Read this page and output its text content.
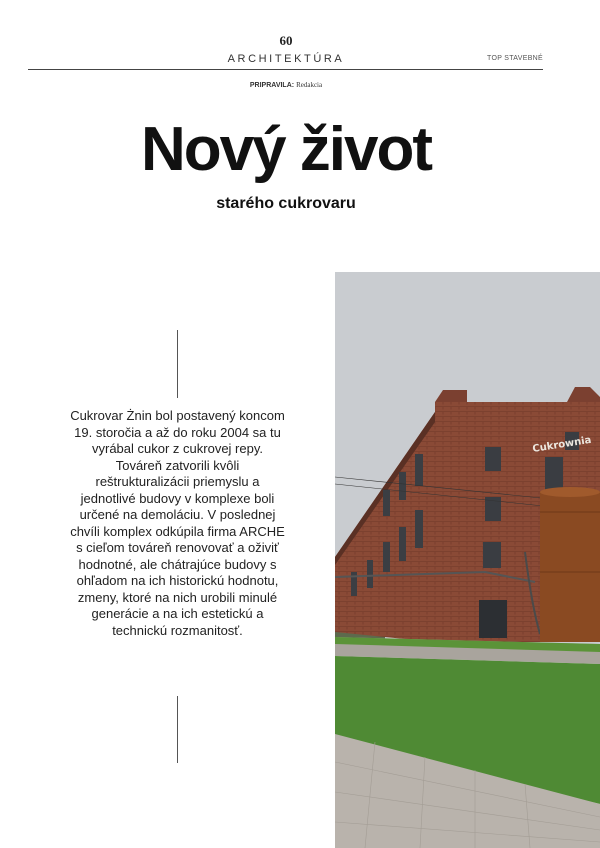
60
ARCHITEKTÚRA	TOP STAVEBNÉ
PRIPRAVILA: Redakcia
Nový život
starého cukrovaru

Cukrovar Żnin bol postavený koncom 19. storočia a až do roku 2004 sa tu vyrábal cukor z cukrovej repy. Továreň zatvorili kvôli reštrukturalizácii priemyslu a jednotlivé budovy v komplexe boli určené na demoláciu. V poslednej chvíli komplex odkúpila firma ARCHE s cieľom továreň renovovať a oživiť hodnotné, ale chátrajúce budovy s ohľadom na ich historickú hodnotu, zmeny, ktoré na nich urobili minulé generácie a na ich estetickú a technickú rozmanitosť.

Cukrownia
